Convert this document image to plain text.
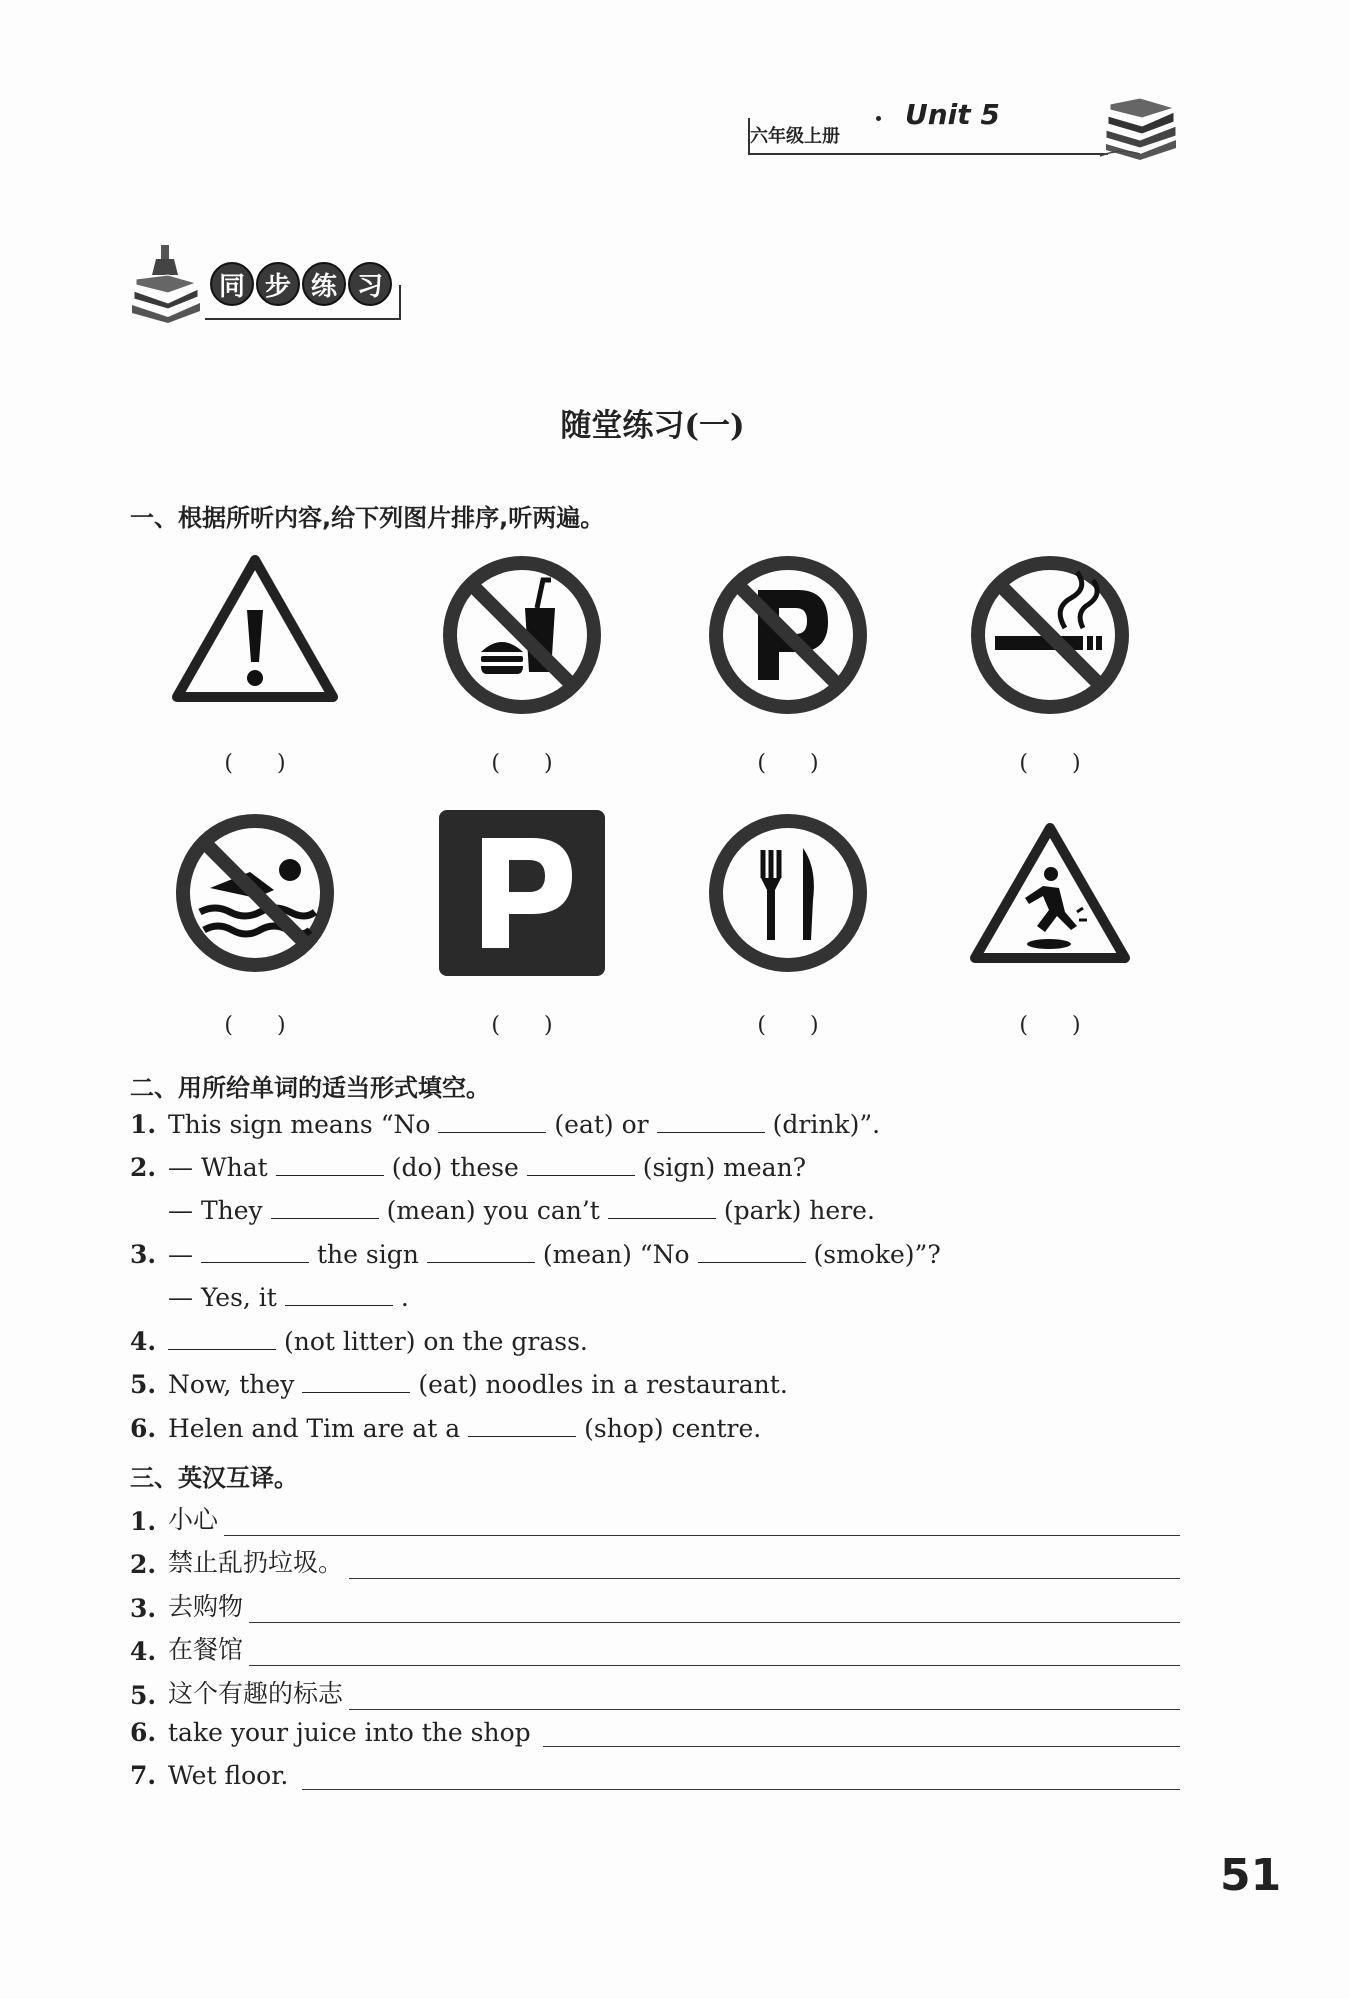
六年级上册
Unit 5
同 步 练 习
随堂练习(一)
一、根据所听内容,给下列图片排序,听两遍。
(　　)	(　　)	(　　)	(　　)
(　　)	(　　)	(　　)	(　　)
二、用所给单词的适当形式填空。
1. This sign means “No	(eat) or	(drink)”.
2. — What	(do) these	(sign) mean?
— They	(mean) you can’t	(park) here.
3. —	the sign	(mean) “No	(smoke)”?
— Yes, it	.
4.	(not litter) on the grass.
5. Now, they	(eat) noodles in a restaurant.
6. Helen and Tim are at a	(shop) centre.
三、英汉互译。
1. 小心
2. 禁止乱扔垃圾。
3. 去购物
4. 在餐馆
5. 这个有趣的标志
6. take your juice into the shop
7. Wet floor.
51
